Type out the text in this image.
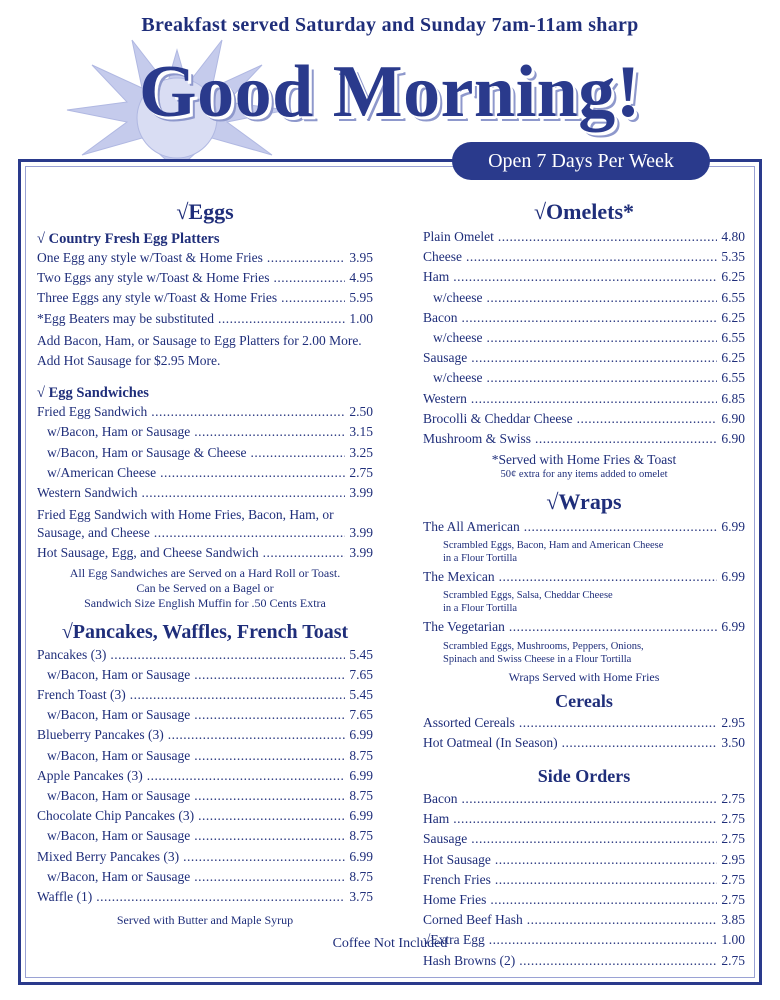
Breakfast served Saturday and Sunday 7am-11am sharp
Good Morning!
Open 7 Days Per Week
√Eggs
√ Country Fresh Egg Platters
One Egg any style w/Toast & Home Fries .....	3.95
Two Eggs any style w/Toast & Home Fries .....	4.95
Three Eggs any style w/Toast & Home Fries .....	5.95
*Egg Beaters may be substituted .....	1.00
Add Bacon, Ham, or Sausage to Egg Platters for 2.00 More.
Add Hot Sausage for $2.95 More.
√ Egg Sandwiches
Fried Egg Sandwich .....	2.50
w/Bacon, Ham or Sausage .....	3.15
w/Bacon, Ham or Sausage & Cheese .....	3.25
w/American Cheese .....	2.75
Western Sandwich .....	3.99
Fried Egg Sandwich with Home Fries, Bacon, Ham, or
Sausage, and Cheese .....	3.99
Hot Sausage, Egg, and Cheese Sandwich .....	3.99
All Egg Sandwiches are Served on a Hard Roll or Toast.
Can be Served on a Bagel or
Sandwich Size English Muffin for .50 Cents Extra
√Pancakes, Waffles, French Toast
Pancakes (3) .....	5.45
w/Bacon, Ham or Sausage .....	7.65
French Toast (3) .....	5.45
w/Bacon, Ham or Sausage .....	7.65
Blueberry Pancakes (3) .....	6.99
w/Bacon, Ham or Sausage .....	8.75
Apple Pancakes (3) .....	6.99
w/Bacon, Ham or Sausage .....	8.75
Chocolate Chip Pancakes (3) .....	6.99
w/Bacon, Ham or Sausage .....	8.75
Mixed Berry Pancakes (3) .....	6.99
w/Bacon, Ham or Sausage .....	8.75
Waffle (1) .....	3.75
Served with Butter and Maple Syrup
√Omelets*
Plain Omelet .....	4.80
Cheese .....	5.35
Ham .....	6.25
w/cheese .....	6.55
Bacon .....	6.25
w/cheese .....	6.55
Sausage .....	6.25
w/cheese .....	6.55
Western .....	6.85
Brocolli & Cheddar Cheese .....	6.90
Mushroom & Swiss .....	6.90
*Served with Home Fries & Toast
50¢ extra for any items added to omelet
√Wraps
The All American .....	6.99
Scrambled Eggs, Bacon, Ham and American Cheese
in a Flour Tortilla
The Mexican .....	6.99
Scrambled Eggs, Salsa, Cheddar Cheese
in a Flour Tortilla
The Vegetarian .....	6.99
Scrambled Eggs, Mushrooms, Peppers, Onions,
Spinach and Swiss Cheese in a Flour Tortilla
Wraps Served with Home Fries
Cereals
Assorted Cereals .....	2.95
Hot Oatmeal (In Season) .....	3.50
Side Orders
Bacon .....	2.75
Ham .....	2.75
Sausage .....	2.75
Hot Sausage .....	2.95
French Fries .....	2.75
Home Fries .....	2.75
Corned Beef Hash .....	3.85
√Extra Egg .....	1.00
Hash Browns (2) .....	2.75
Coffee Not Included
